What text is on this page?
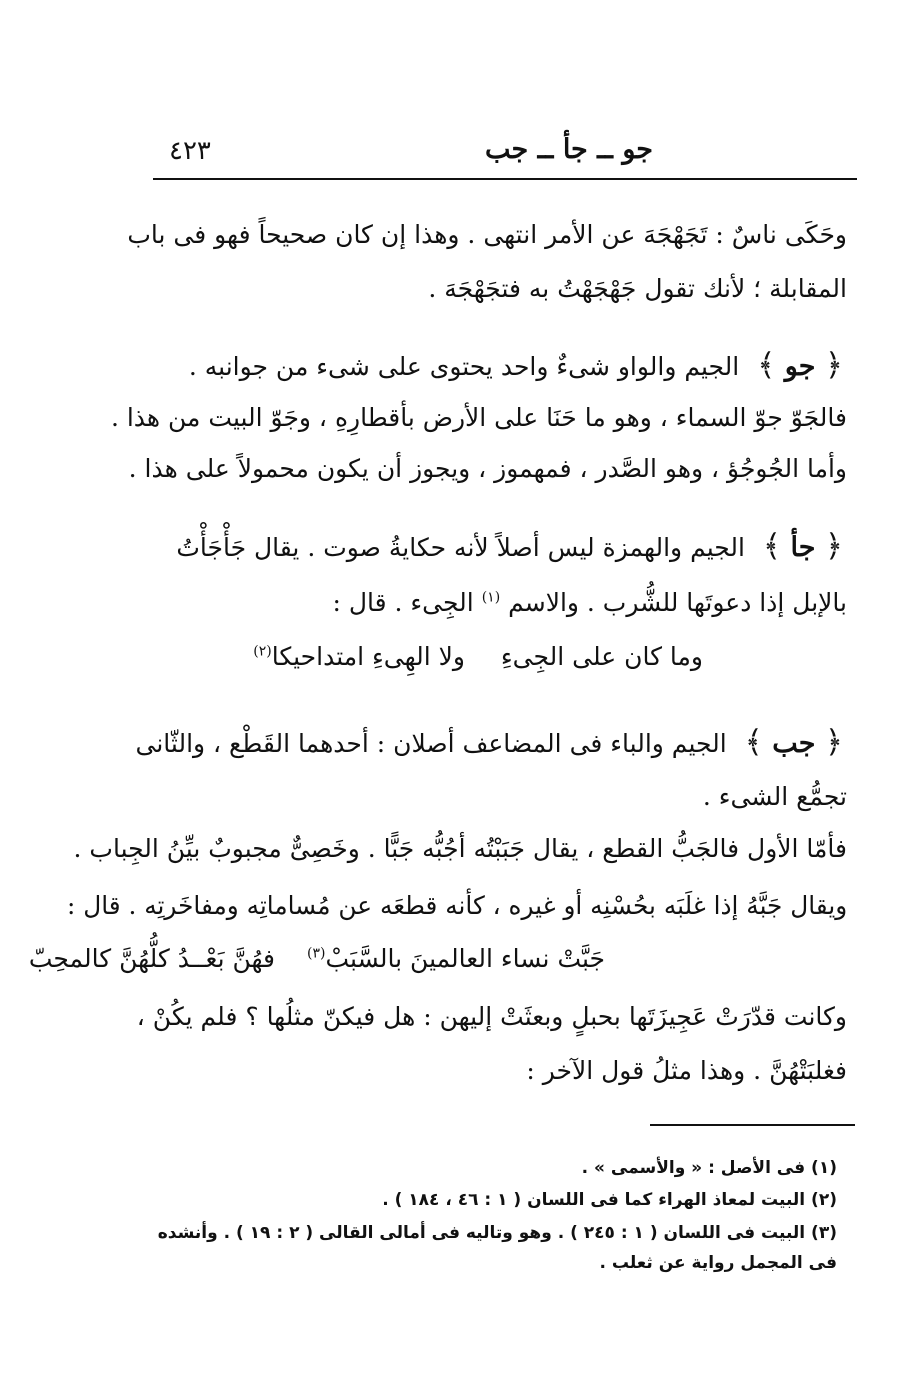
٤٢٣	جو ــ جأ ــ جب
وحَكَى ناسٌ : تَجَهْجَهَ عن الأمر انتهى . وهذا إن كان صحيحاً فهو فى باب
المقابلة ؛ لأنك تقول جَهْجَهْتُ به فتجَهْجَهَ .
﴿ جو ﴾ الجيم والواو شىءٌ واحد يحتوى على شىء من جوانبه .
فالجَوّ جوّ السماء ، وهو ما حَنَا على الأرض بأقطارِهِ ، وجَوّ البيت من هذا .
وأما الجُوجُؤ ، وهو الصَّدر ، فمهموز ، ويجوز أن يكون محمولاً على هذا .
﴿ جأ ﴾ الجيم والهمزة ليس أصلاً لأنه حكايةُ صوت . يقال جَأْجَأْتُ
بالإبل إذا دعوتَها للشُّرب . والاسم $^{(١)}$ الجِىء . قال :
وما كان على الجِىءِ
ولا الهِىءِ امتداحيكا$^{(٢)}$
﴿ جب ﴾ الجيم والباء فى المضاعف أصلان : أحدهما القَطْع ، والثّانى
تجمُّع الشىء .
فأمّا الأول فالجَبُّ القطع ، يقال جَبَبْتُه أجُبُّه جَبًّا . وخَصِىٌّ مجبوبٌ بيِّنُ الجِباب .
ويقال جَبَّهُ إذا غلَبَه بحُسْنِه أو غيره ، كأنه قطعَه عن مُساماتِه ومفاخَرتِه . قال :
جَبَّتْ نساء العالمينَ بالسَّبَبْ$^{(٣)}$
فهُنَّ بَعْــدُ كلُّهُنَّ كالمحِبّ
وكانت قدّرَتْ عَجِيزَتَها بحبلٍ وبعثَتْ إليهن : هل فيكنّ مثلُها ؟ فلم يكُنْ ،
فغلبَتْهُنَّ . وهذا مثلُ قول الآخر :
(١) فى الأصل : « والأسمى » .
(٢) البيت لمعاذ الهراء كما فى اللسان ( ١ : ٤٦ ، ١٨٤ ) .
(٣) البيت فى اللسان ( ١ : ٢٤٥ ) . وهو وتاليه فى أمالى القالى ( ٢ : ١٩ ) . وأنشده
فى المجمل رواية عن ثعلب .
